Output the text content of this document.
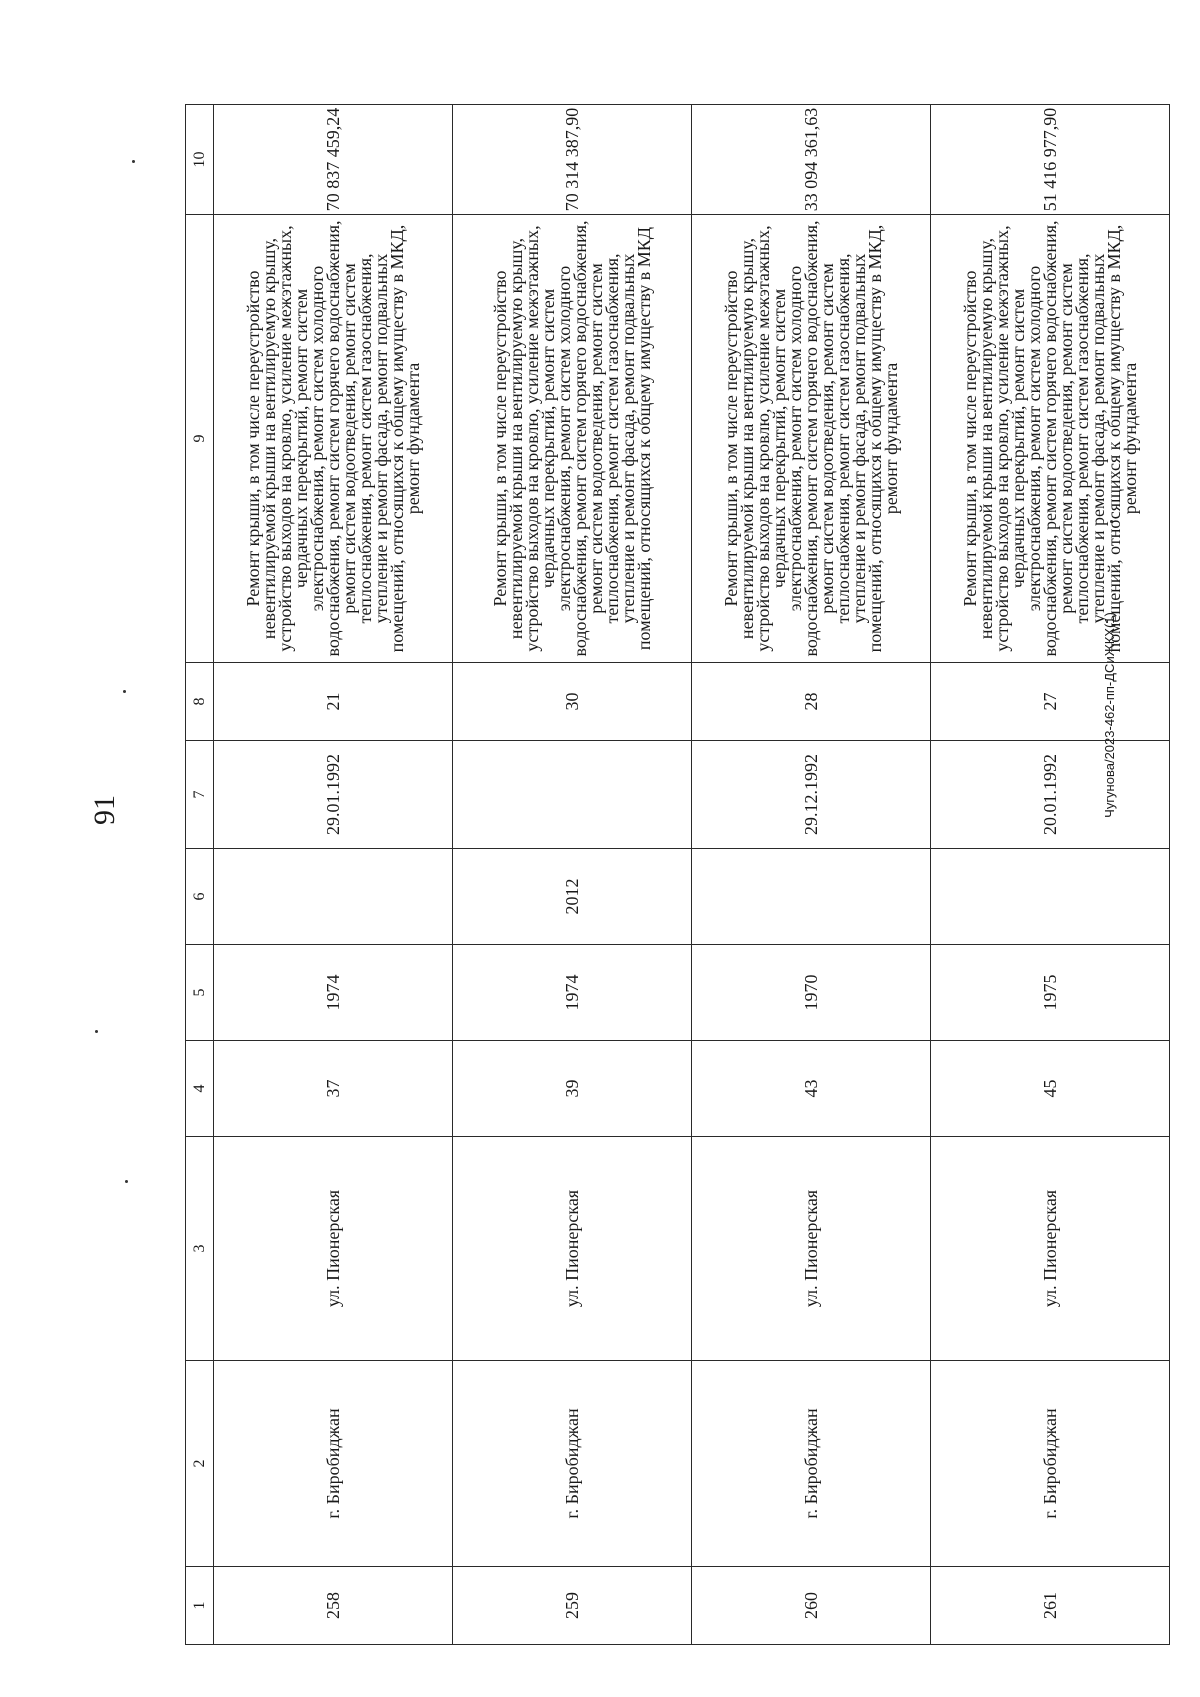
91	Чугунова/2023-462-пп-ДСиЖКХ(1)
1	2	3	4	5	6	7	8	9	10
258	г. Биробиджан	ул. Пионерская	37	1974		29.01.1992	21	Ремонт крыши, в том числе переустройство невентилируемой крыши на вентилируемую крышу, устройство выходов на кровлю, усиление межэтажных, чердачных перекрытий, ремонт систем электроснабжения, ремонт систем холодного водоснабжения, ремонт систем горячего водоснабжения, ремонт систем водоотведения, ремонт систем теплоснабжения, ремонт систем газоснабжения, утепление и ремонт фасада, ремонт подвальных помещений, относящихся к общему имуществу в МКД, ремонт фундамента	70 837 459,24
259	г. Биробиджан	ул. Пионерская	39	1974	2012		30	Ремонт крыши, в том числе переустройство невентилируемой крыши на вентилируемую крышу, устройство выходов на кровлю, усиление межэтажных, чердачных перекрытий, ремонт систем электроснабжения, ремонт систем холодного водоснабжения, ремонт систем горячего водоснабжения, ремонт систем водоотведения, ремонт систем теплоснабжения, ремонт систем газоснабжения, утепление и ремонт фасада, ремонт подвальных помещений, относящихся к общему имуществу в МКД	70 314 387,90
260	г. Биробиджан	ул. Пионерская	43	1970		29.12.1992	28	Ремонт крыши, в том числе переустройство невентилируемой крыши на вентилируемую крышу, устройство выходов на кровлю, усиление межэтажных, чердачных перекрытий, ремонт систем электроснабжения, ремонт систем холодного водоснабжения, ремонт систем горячего водоснабжения, ремонт систем водоотведения, ремонт систем теплоснабжения, ремонт систем газоснабжения, утепление и ремонт фасада, ремонт подвальных помещений, относящихся к общему имуществу в МКД, ремонт фундамента	33 094 361,63
261	г. Биробиджан	ул. Пионерская	45	1975		20.01.1992	27	Ремонт крыши, в том числе переустройство невентилируемой крыши на вентилируемую крышу, устройство выходов на кровлю, усиление межэтажных, чердачных перекрытий, ремонт систем электроснабжения, ремонт систем холодного водоснабжения, ремонт систем горячего водоснабжения, ремонт систем водоотведения, ремонт систем теплоснабжения, ремонт систем газоснабжения, утепление и ремонт фасада, ремонт подвальных помещений, относящихся к общему имуществу в МКД, ремонт фундамента	51 416 977,90
